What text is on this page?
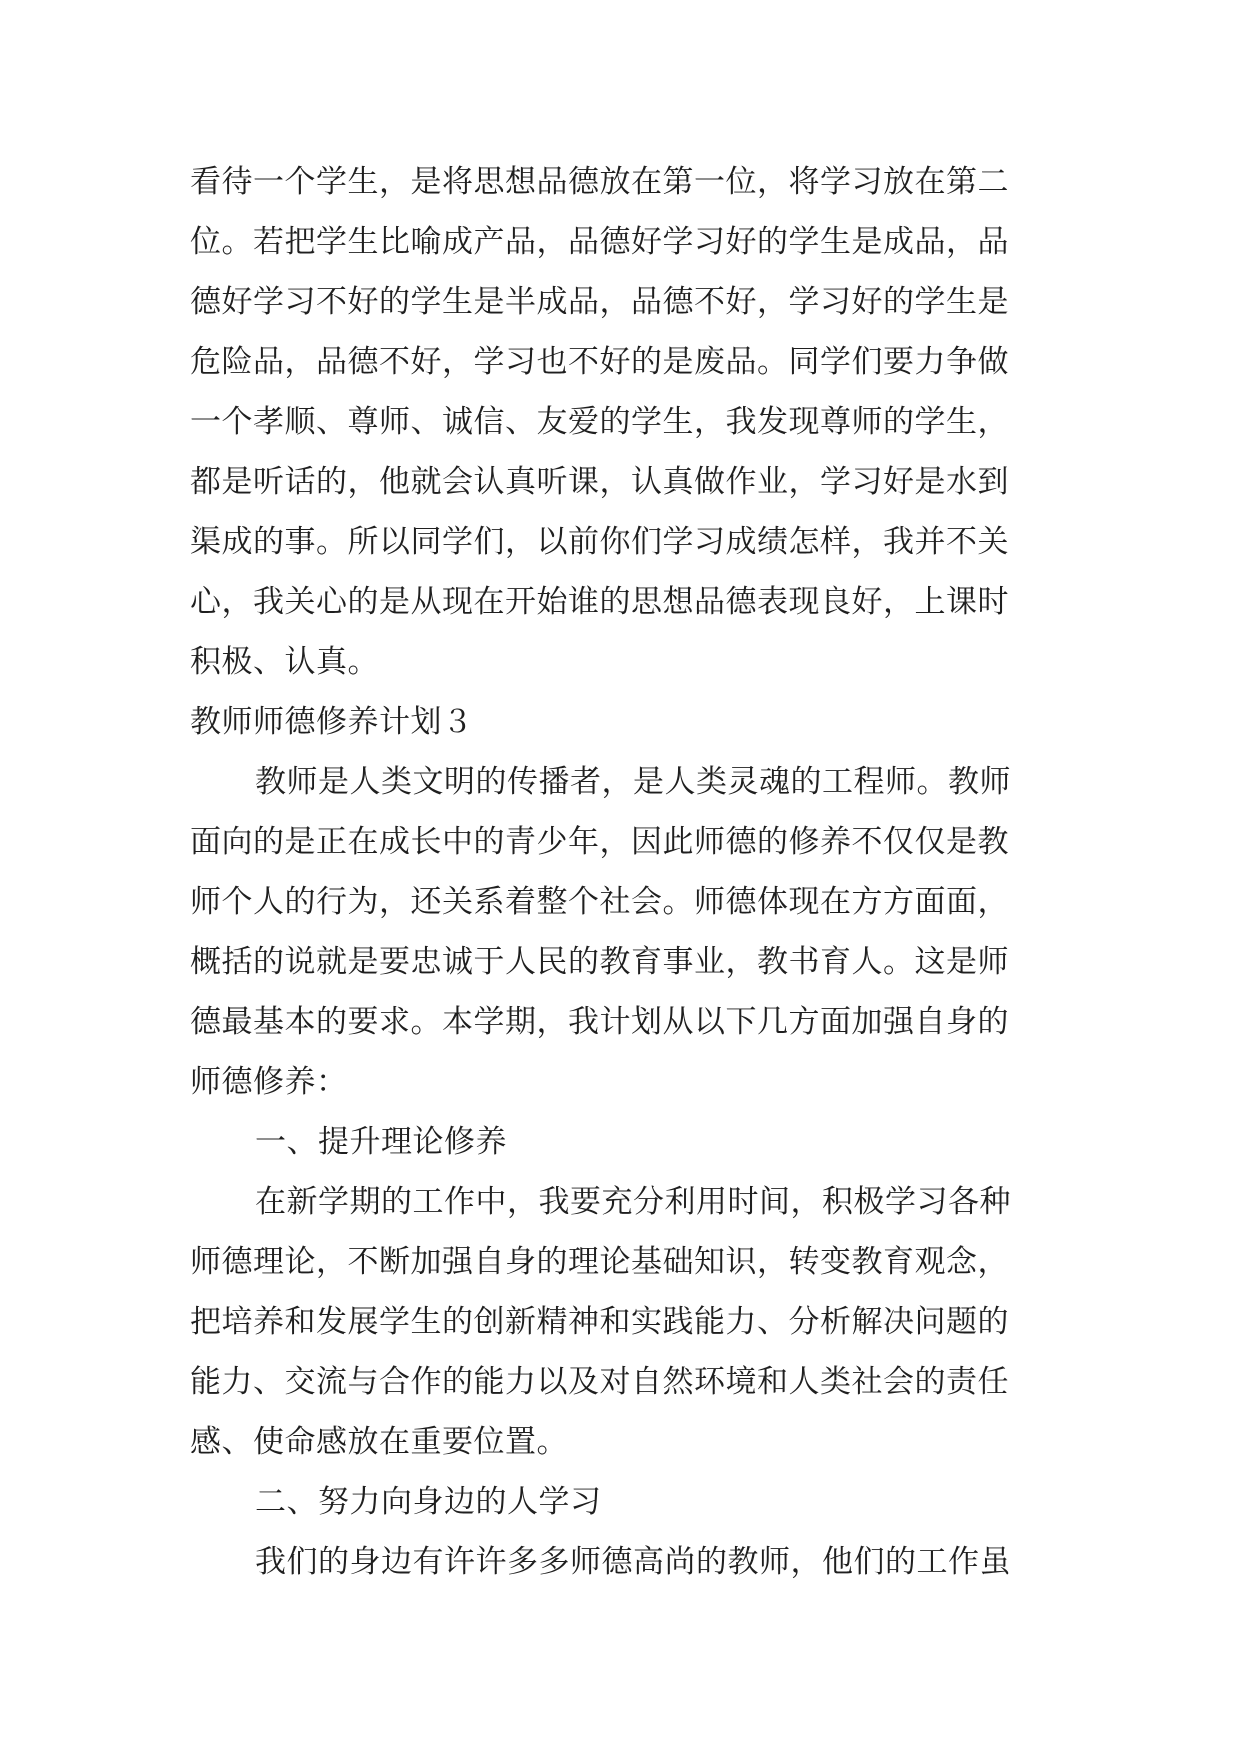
看待一个学生，是将思想品德放在第一位，将学习放在第二
位。若把学生比喻成产品，品德好学习好的学生是成品，品
德好学习不好的学生是半成品，品德不好，学习好的学生是
危险品，品德不好，学习也不好的是废品。同学们要力争做
一个孝顺、尊师、诚信、友爱的学生，我发现尊师的学生，
都是听话的，他就会认真听课，认真做作业，学习好是水到
渠成的事。所以同学们，以前你们学习成绩怎样，我并不关
心，我关心的是从现在开始谁的思想品德表现良好，上课时
积极、认真。
教师师德修养计划３
教师是人类文明的传播者，是人类灵魂的工程师。教师
面向的是正在成长中的青少年，因此师德的修养不仅仅是教
师个人的行为，还关系着整个社会。师德体现在方方面面，
概括的说就是要忠诚于人民的教育事业，教书育人。这是师
德最基本的要求。本学期，我计划从以下几方面加强自身的
师德修养：
一、提升理论修养
在新学期的工作中，我要充分利用时间，积极学习各种
师德理论，不断加强自身的理论基础知识，转变教育观念，
把培养和发展学生的创新精神和实践能力、分析解决问题的
能力、交流与合作的能力以及对自然环境和人类社会的责任
感、使命感放在重要位置。
二、努力向身边的人学习
我们的身边有许许多多师德高尚的教师，他们的工作虽
